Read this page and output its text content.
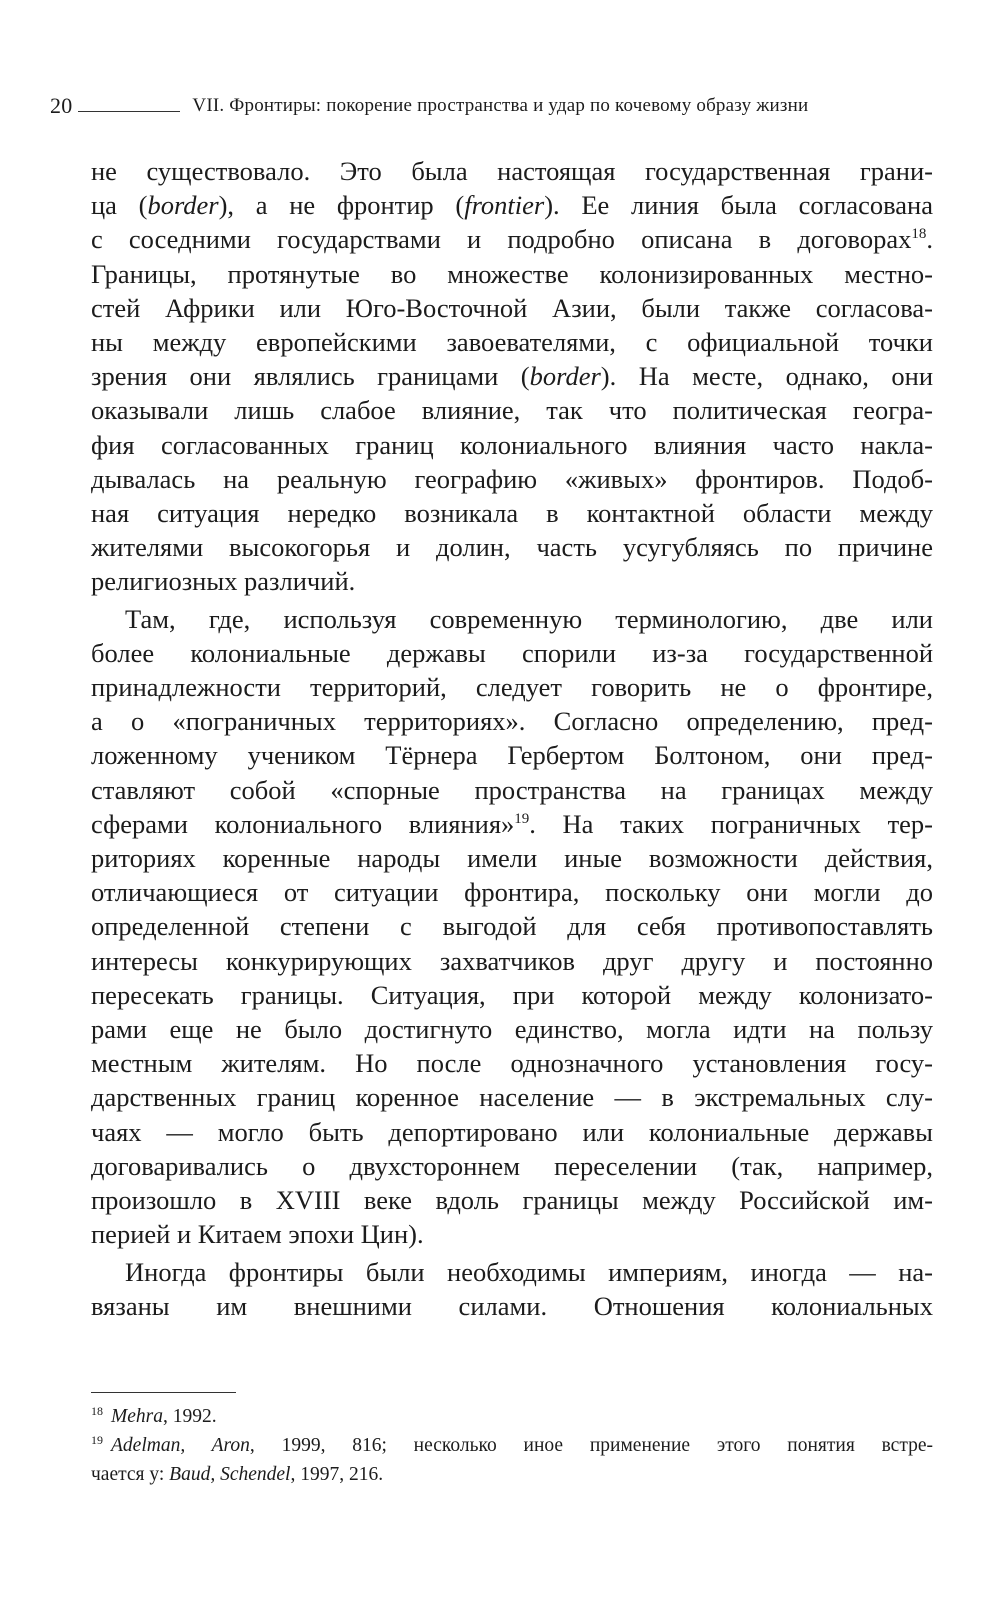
20	VII. Фронтиры: покорение пространства и удар по кочевому образу жизни

не существовало. Это была настоящая государственная грани-
ца (border), а не фронтир (frontier). Ее линия была согласована
с соседними государствами и подробно описана в договорах$^{18}$.
Границы, протянутые во множестве колонизированных местно-
стей Африки или Юго-Восточной Азии, были также согласова-
ны между европейскими завоевателями, с официальной точки
зрения они являлись границами (border). На месте, однако, они
оказывали лишь слабое влияние, так что политическая геогра-
фия согласованных границ колониального влияния часто накла-
дывалась на реальную географию «живых» фронтиров. Подоб-
ная ситуация нередко возникала в контактной области между
жителями высокогорья и долин, часть усугубляясь по причине
религиозных различий.

Там, где, используя современную терминологию, две или
более колониальные державы спорили из-за государственной
принадлежности территорий, следует говорить не о фронтире,
а о «пограничных территориях». Согласно определению, пред-
ложенному учеником Тёрнера Гербертом Болтоном, они пред-
ставляют собой «спорные пространства на границах между
сферами колониального влияния»$^{19}$. На таких пограничных тер-
риториях коренные народы имели иные возможности действия,
отличающиеся от ситуации фронтира, поскольку они могли до
определенной степени с выгодой для себя противопоставлять
интересы конкурирующих захватчиков друг другу и постоянно
пересекать границы. Ситуация, при которой между колонизато-
рами еще не было достигнуто единство, могла идти на пользу
местным жителям. Но после однозначного установления госу-
дарственных границ коренное население — в экстремальных слу-
чаях — могло быть депортировано или колониальные державы
договаривались о двухстороннем переселении (так, например,
произошло в XVIII веке вдоль границы между Российской им-
перией и Китаем эпохи Цин).

Иногда фронтиры были необходимы империям, иногда — на-
вязаны им внешними силами. Отношения колониальных

$^{18}$ Mehra, 1992.
$^{19}$ Adelman, Aron, 1999, 816; несколько иное применение этого понятия встре-
чается у: Baud, Schendel, 1997, 216.
